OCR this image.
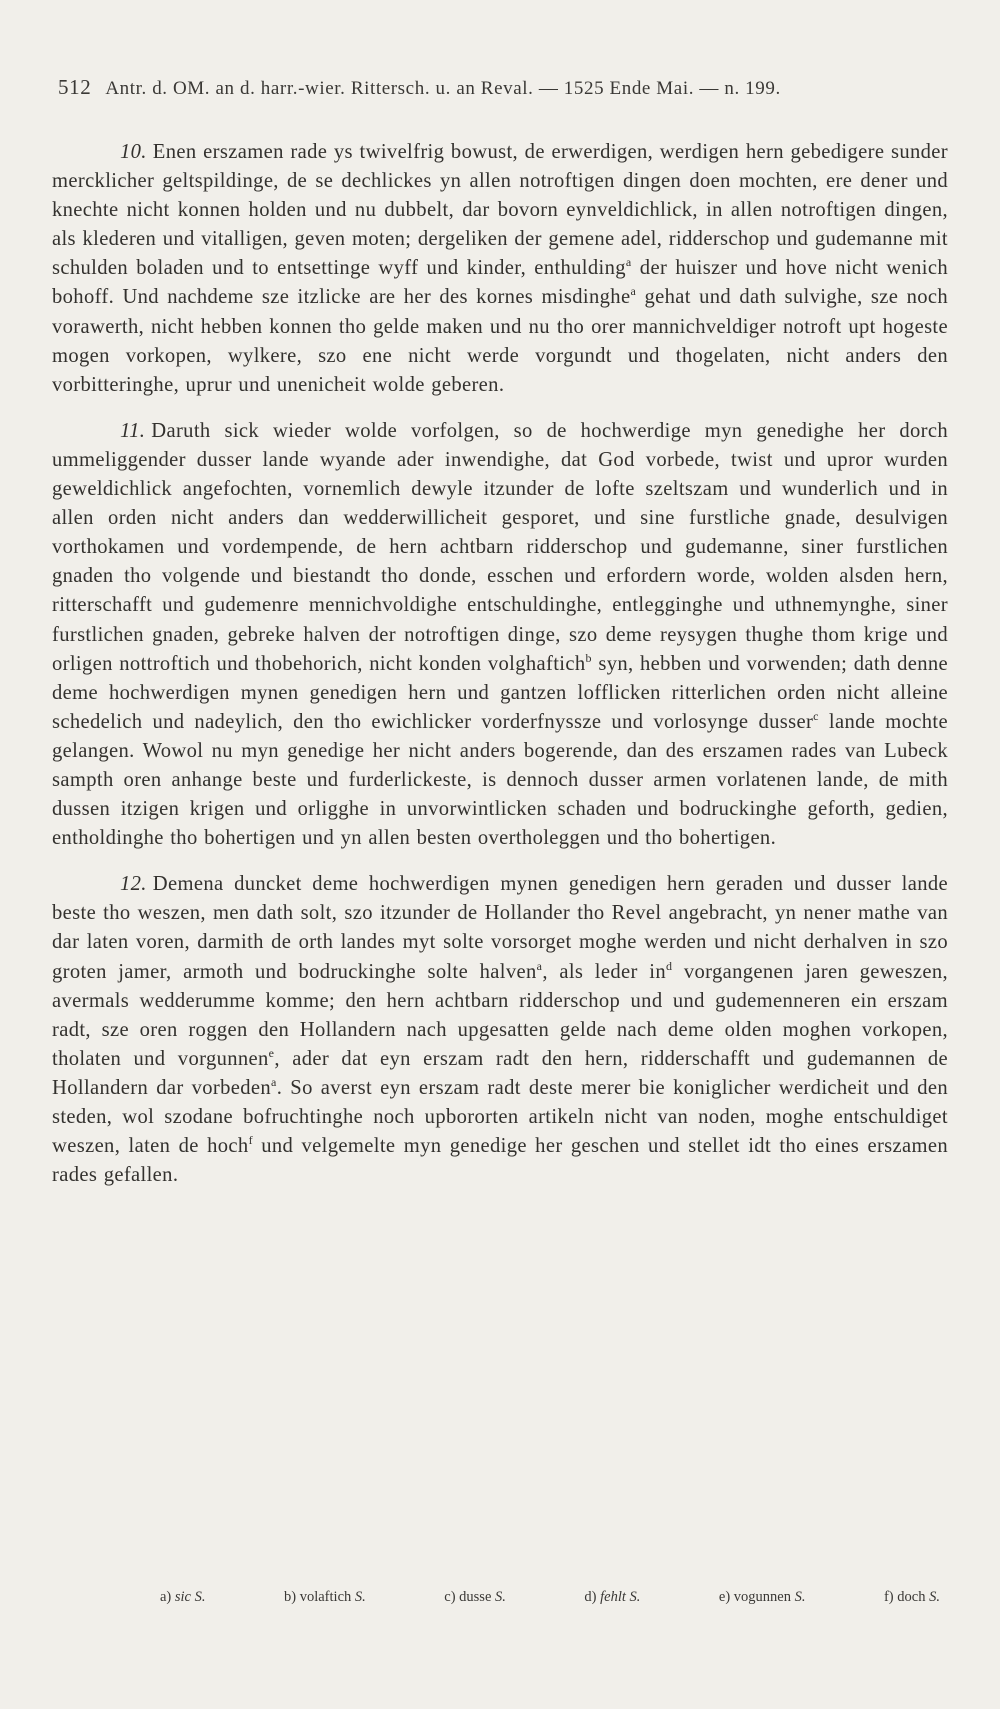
512 Antr. d. OM. an d. harr.-wier. Rittersch. u. an Reval. — 1525 Ende Mai. — n. 199.

10. Enen erszamen rade ys twivelfrig bowust, de erwerdigen, werdigen hern gebedigere sunder mercklicher geltspildinge, de se dechlickes yn allen notroftigen dingen doen mochten, ere dener und knechte nicht konnen holden und nu dubbelt, dar bovorn eynveldichlick, in allen notroftigen dingen, als klederen und vitalligen, geven moten; dergeliken der gemene adel, ridderschop und gudemanne mit schulden boladen und to entsettinge wyff und kinder, enthulding$^a$ der huiszer und hove nicht wenich bohoff. Und nachdeme sze itzlicke are her des kornes misdinghe$^a$ gehat und dath sulvighe, sze noch vorawerth, nicht hebben konnen tho gelde maken und nu tho orer mannichveldiger notroft upt hogeste mogen vorkopen, wylkere, szo ene nicht werde vorgundt und thogelaten, nicht anders den vorbitteringhe, uprur und unenicheit wolde geberen.

11. Daruth sick wieder wolde vorfolgen, so de hochwerdige myn genedighe her dorch ummeliggender dusser lande wyande ader inwendighe, dat God vorbede, twist und upror wurden geweldichlick angefochten, vornemlich dewyle itzunder de lofte szeltszam und wunderlich und in allen orden nicht anders dan wedderwillicheit gesporet, und sine furstliche gnade, desulvigen vorthokamen und vordempende, de hern achtbarn ridderschop und gudemanne, siner furstlichen gnaden tho volgende und biestandt tho donde, esschen und erfordern worde, wolden alsden hern, ritterschafft und gudemenre mennichvoldighe entschuldinghe, entlegginghe und uthnemynghe, siner furstlichen gnaden, gebreke halven der notroftigen dinge, szo deme reysygen thughe thom krige und orligen nottroftich und thobehorich, nicht konden volghaftich$^b$ syn, hebben und vorwenden; dath denne deme hochwerdigen mynen genedigen hern und gantzen lofflicken ritterlichen orden nicht alleine schedelich und nadeylich, den tho ewichlicker vorderfnyssze und vorlosynge dusser$^c$ lande mochte gelangen. Wowol nu myn genedige her nicht anders bogerende, dan des erszamen rades van Lubeck sampth oren anhange beste und furderlickeste, is dennoch dusser armen vorlatenen lande, de mith dussen itzigen krigen und orligghe in unvorwintlicken schaden und bodruckinghe geforth, gedien, entholdinghe tho bohertigen und yn allen besten overtholeggen und tho bohertigen.

12. Demena duncket deme hochwerdigen mynen genedigen hern geraden und dusser lande beste tho weszen, men dath solt, szo itzunder de Hollander tho Revel angebracht, yn nener mathe van dar laten voren, darmith de orth landes myt solte vorsorget moghe werden und nicht derhalven in szo groten jamer, armoth und bodruckinghe solte halven$^a$, als leder $in^d$ vorgangenen jaren geweszen, avermals wedderumme komme; den hern achtbarn ridderschop und und gudemenneren ein erszam radt, sze oren roggen den Hollandern nach upgesatten gelde nach deme olden moghen vorkopen, tholaten und vorgunnen$^e$, ader dat eyn erszam radt den hern, ridderschafft und gudemannen de Hollandern dar vorbeden$^a$. So averst eyn erszam radt deste merer bie koniglicher werdicheit und den steden, wol szodane bofruchtinghe noch upbororten artikeln nicht van noden, moghe entschuldiget weszen, laten de hoch$^f$ und velgemelte myn genedige her geschen und stellet idt tho eines erszamen rades gefallen.

a) sic S.	b) volaftich S.	c) dusse S.	d) fehlt S.	e) vogunnen S.	f) doch S.
